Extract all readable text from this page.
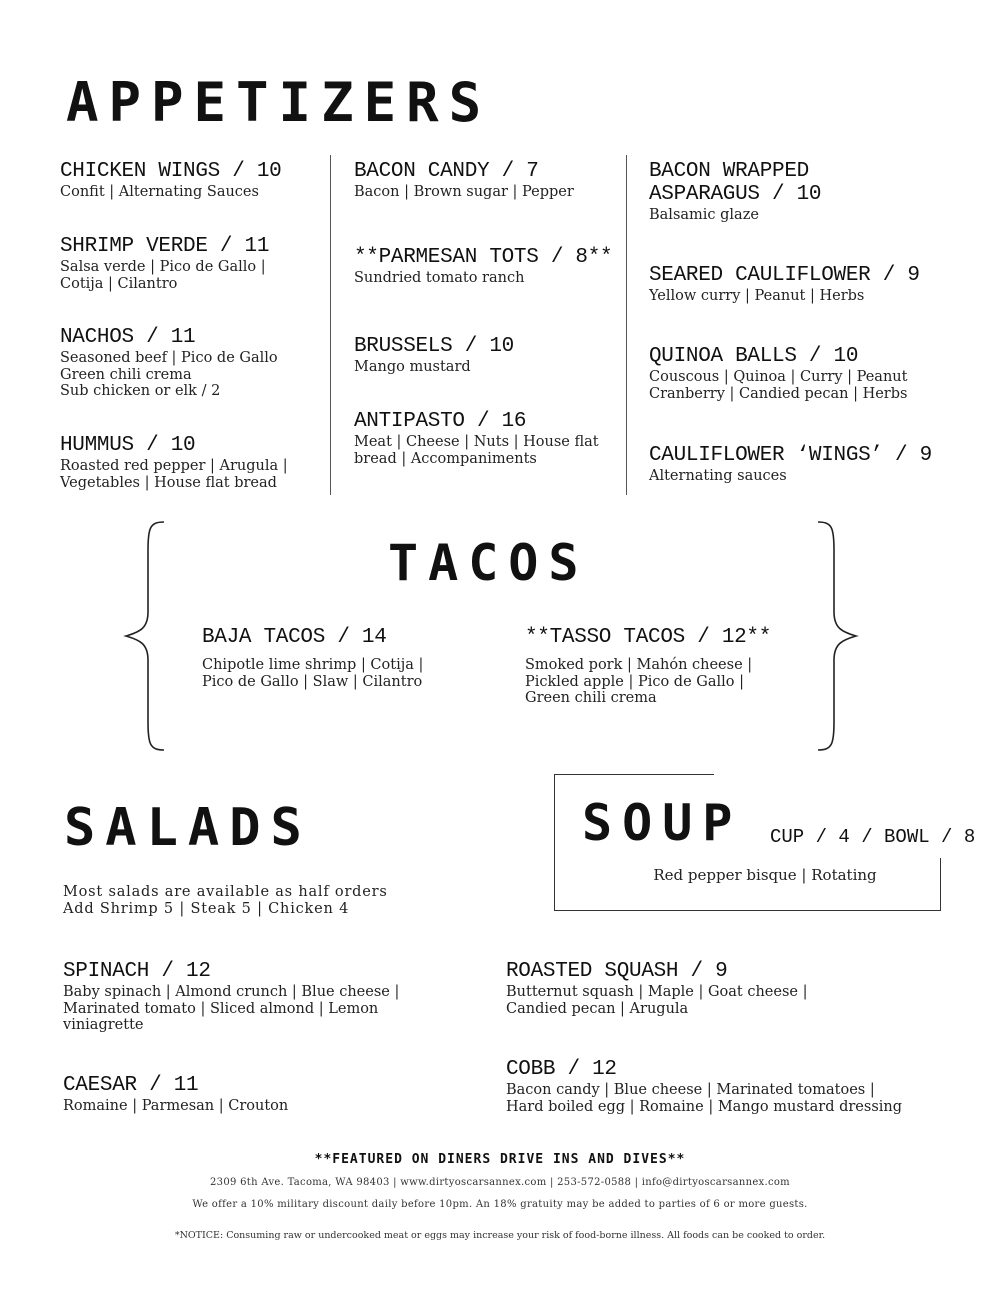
APPETIZERS
CHICKEN WINGS / 10
Confit | Alternating Sauces
SHRIMP VERDE / 11
Salsa verde | Pico de Gallo |
Cotija | Cilantro
NACHOS / 11
Seasoned beef | Pico de Gallo
Green chili crema
Sub chicken or elk / 2
HUMMUS / 10
Roasted red pepper | Arugula |
Vegetables | House flat bread
BACON CANDY / 7
Bacon | Brown sugar | Pepper
**PARMESAN TOTS / 8**
Sundried tomato ranch
BRUSSELS / 10
Mango mustard
ANTIPASTO / 16
Meat | Cheese | Nuts | House flat
bread | Accompaniments
BACON WRAPPED
ASPARAGUS / 10
Balsamic glaze
SEARED CAULIFLOWER / 9
Yellow curry | Peanut | Herbs
QUINOA BALLS / 10
Couscous | Quinoa | Curry | Peanut
Cranberry | Candied pecan | Herbs
CAULIFLOWER ‘WINGS’ / 9
Alternating sauces
TACOS
BAJA TACOS / 14
Chipotle lime shrimp | Cotija |
Pico de Gallo | Slaw | Cilantro
**TASSO TACOS / 12**
Smoked pork | Mahón cheese |
Pickled apple | Pico de Gallo |
Green chili crema
SALADS
Most salads are available as half orders
Add Shrimp 5 | Steak 5 | Chicken 4
SPINACH / 12
Baby spinach | Almond crunch | Blue cheese |
Marinated tomato | Sliced almond | Lemon
viniagrette
CAESAR / 11
Romaine | Parmesan | Crouton
ROASTED SQUASH / 9
Butternut squash | Maple | Goat cheese |
Candied pecan | Arugula
COBB / 12
Bacon candy | Blue cheese | Marinated tomatoes |
Hard boiled egg | Romaine | Mango mustard dressing
SOUP CUP / 4 / BOWL / 8
Red pepper bisque | Rotating
**FEATURED ON DINERS DRIVE INS AND DIVES**
2309 6th Ave. Tacoma, WA 98403 | www.dirtyoscarsannex.com | 253-572-0588 | info@dirtyoscarsannex.com
We offer a 10% military discount daily before 10pm. An 18% gratuity may be added to parties of 6 or more guests.
*NOTICE: Consuming raw or undercooked meat or eggs may increase your risk of food-borne illness. All foods can be cooked to order.
